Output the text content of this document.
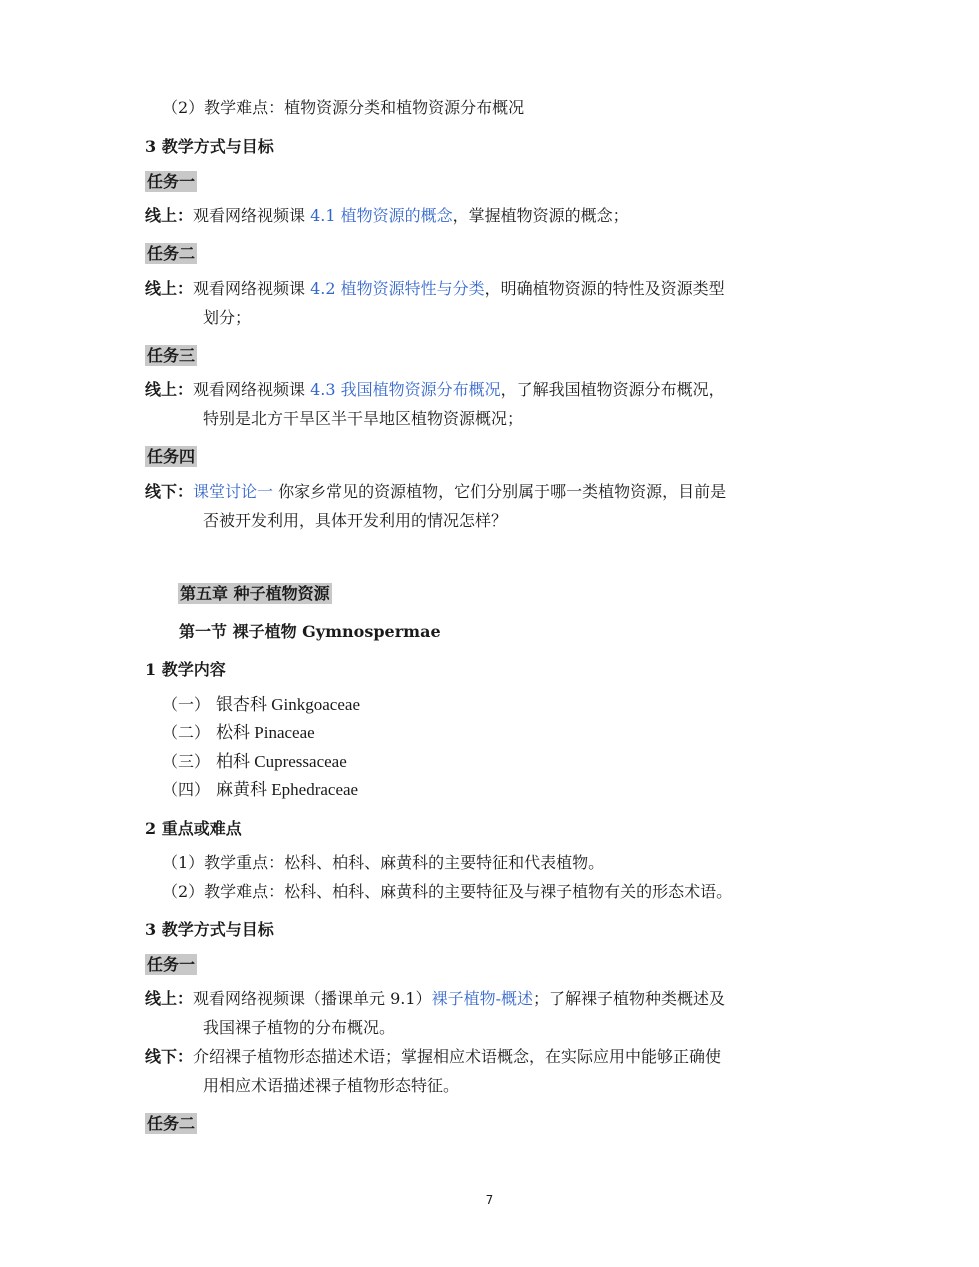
（2）教学难点：植物资源分类和植物资源分布概况
3 教学方式与目标
任务一
线上：观看网络视频课 4.1 植物资源的概念，掌握植物资源的概念；
任务二
线上：观看网络视频课 4.2 植物资源特性与分类，明确植物资源的特性及资源类型
划分；
任务三
线上：观看网络视频课 4.3 我国植物资源分布概况，了解我国植物资源分布概况，
特别是北方干旱区半干旱地区植物资源概况；
任务四
线下：课堂讨论一 你家乡常见的资源植物，它们分别属于哪一类植物资源，目前是
否被开发利用，具体开发利用的情况怎样？
第五章 种子植物资源
第一节 裸子植物 Gymnospermae
1 教学内容
（一） 银杏科 Ginkgoaceae
（二） 松科 Pinaceae
（三） 柏科 Cupressaceae
（四） 麻黄科 Ephedraceae
2 重点或难点
（1）教学重点：松科、柏科、麻黄科的主要特征和代表植物。
（2）教学难点：松科、柏科、麻黄科的主要特征及与裸子植物有关的形态术语。
3 教学方式与目标
任务一
线上：观看网络视频课（播课单元 9.1）裸子植物-概述；了解裸子植物种类概述及
我国裸子植物的分布概况。
线下：介绍裸子植物形态描述术语；掌握相应术语概念，在实际应用中能够正确使
用相应术语描述裸子植物形态特征。
任务二
7
